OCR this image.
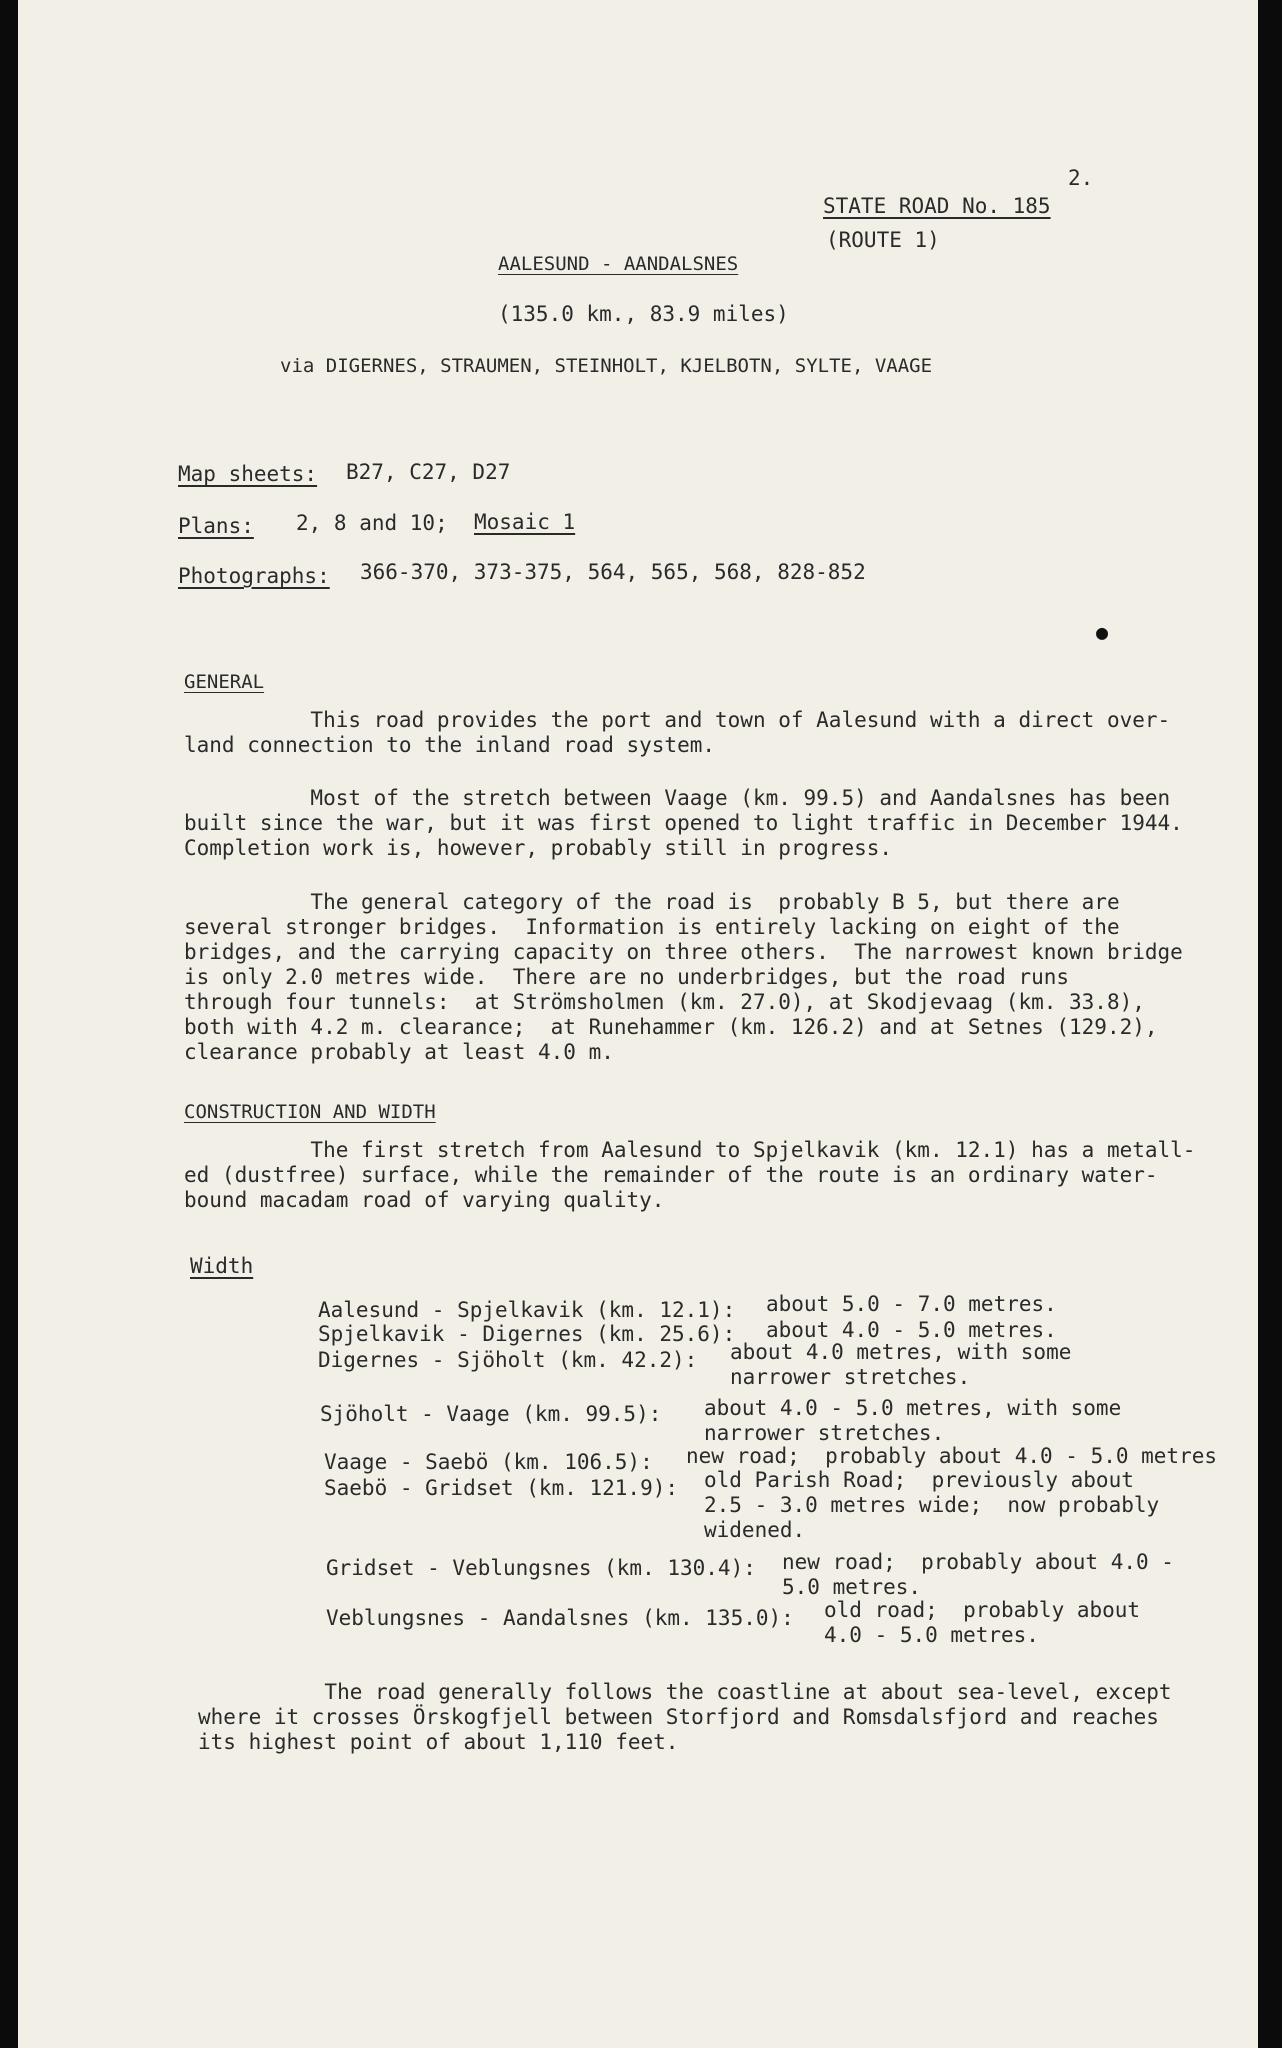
2.
STATE ROAD No. 185
(ROUTE 1)
AALESUND - AANDALSNES
(135.0 km., 83.9 miles)
via DIGERNES, STRAUMEN, STEINHOLT, KJELBOTN, SYLTE, VAAGE
Map sheets: B27, C27, D27
Plans: 2, 8 and 10; Mosaic 1
Photographs: 366-370, 373-375, 564, 565, 568, 828-852
●
GENERAL
This road provides the port and town of Aalesund with a direct over-
land connection to the inland road system.
Most of the stretch between Vaage (km. 99.5) and Aandalsnes has been
built since the war, but it was first opened to light traffic in December 1944.
Completion work is, however, probably still in progress.
The general category of the road is  probably B 5, but there are
several stronger bridges.  Information is entirely lacking on eight of the
bridges, and the carrying capacity on three others.  The narrowest known bridge
is only 2.0 metres wide.  There are no underbridges, but the road runs
through four tunnels:  at Strömsholmen (km. 27.0), at Skodjevaag (km. 33.8),
both with 4.2 m. clearance;  at Runehammer (km. 126.2) and at Setnes (129.2),
clearance probably at least 4.0 m.
CONSTRUCTION AND WIDTH
The first stretch from Aalesund to Spjelkavik (km. 12.1) has a metall-
ed (dustfree) surface, while the remainder of the route is an ordinary water-
bound macadam road of varying quality.
Width
Aalesund - Spjelkavik (km. 12.1): about 5.0 - 7.0 metres.
Spjelkavik - Digernes (km. 25.6): about 4.0 - 5.0 metres.
Digernes - Sjöholt (km. 42.2): about 4.0 metres, with some
narrower stretches.
Sjöholt - Vaage (km. 99.5): about 4.0 - 5.0 metres, with some
narrower stretches.
Vaage - Saebö (km. 106.5): new road;  probably about 4.0 - 5.0 metres
Saebö - Gridset (km. 121.9): old Parish Road;  previously about
2.5 - 3.0 metres wide;  now probably
widened.
Gridset - Veblungsnes (km. 130.4): new road;  probably about 4.0 -
5.0 metres.
Veblungsnes - Aandalsnes (km. 135.0): old road;  probably about
4.0 - 5.0 metres.
The road generally follows the coastline at about sea-level, except
where it crosses Örskogfjell between Storfjord and Romsdalsfjord and reaches
its highest point of about 1,110 feet.
